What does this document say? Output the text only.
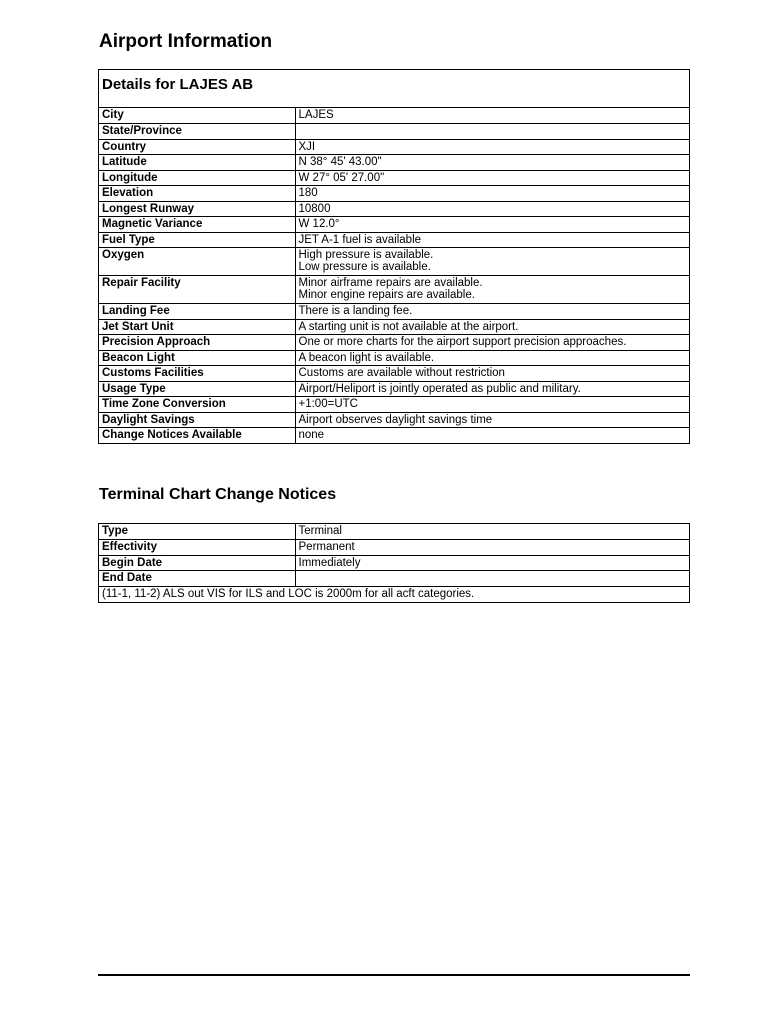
Airport Information
Details for LAJES AB
City	LAJES

State/Province	

Country	XJI

Latitude	N 38° 45' 43.00"

Longitude	W 27° 05' 27.00"

Elevation	180

Longest Runway	10800

Magnetic Variance	W 12.0°

Fuel Type	JET A-1 fuel is available

Oxygen	High pressure is available.
Low pressure is available.

Repair Facility	Minor airframe repairs are available.
Minor engine repairs are available.

Landing Fee	There is a landing fee.

Jet Start Unit	A starting unit is not available at the airport.

Precision Approach	One or more charts for the airport support precision approaches.

Beacon Light	A beacon light is available.

Customs Facilities	Customs are available without restriction

Usage Type	Airport/Heliport is jointly operated as public and military.

Time Zone Conversion	+1:00=UTC

Daylight Savings	Airport observes daylight savings time

Change Notices Available	none
Terminal Chart Change Notices
Type	Terminal
Effectivity	Permanent
Begin Date	Immediately
End Date	
(11-1, 11-2) ALS out VIS for ILS and LOC is 2000m for all acft categories.	
